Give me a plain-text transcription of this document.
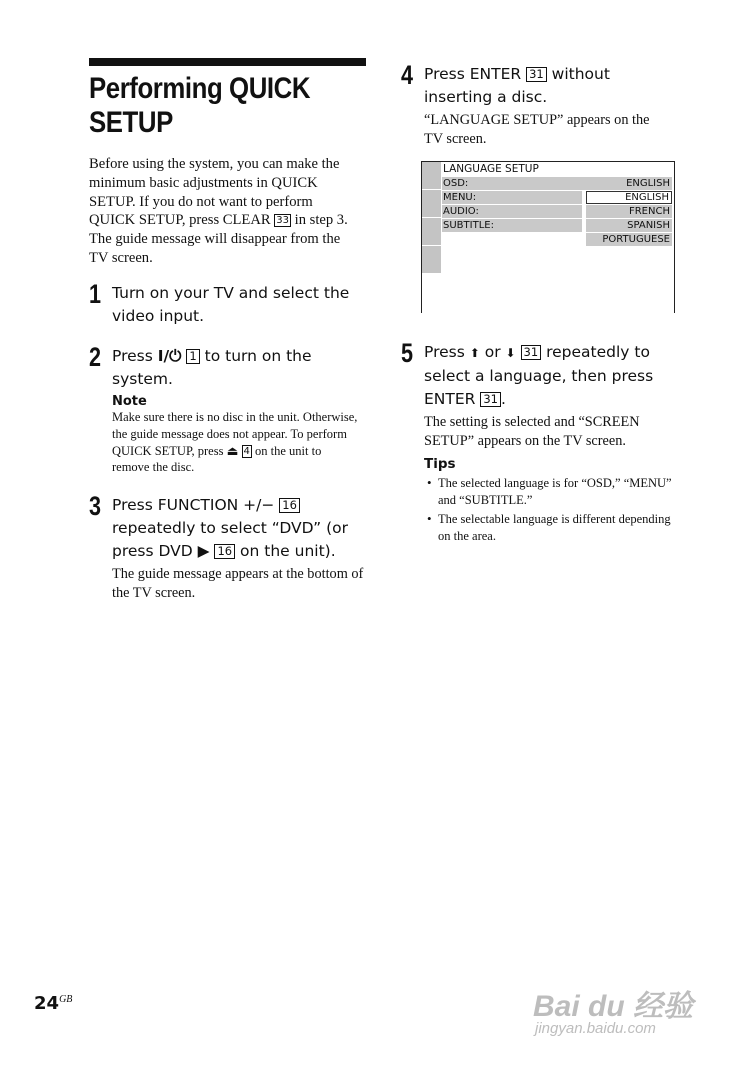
Performing QUICK SETUP
Before using the system, you can make the minimum basic adjustments in QUICK SETUP. If you do not want to perform QUICK SETUP, press CLEAR 33 in step 3. The guide message will disappear from the TV screen.
1 Turn on your TV and select the video input.
2 Press I/⏻ 1 to turn on the system.
Note
Make sure there is no disc in the unit. Otherwise, the guide message does not appear. To perform QUICK SETUP, press ⏏ 4 on the unit to remove the disc.
3 Press FUNCTION +/− 16 repeatedly to select “DVD” (or press DVD ▶ 16 on the unit).
The guide message appears at the bottom of the TV screen.
4 Press ENTER 31 without inserting a disc.
“LANGUAGE SETUP” appears on the TV screen.
LANGUAGE SETUP
OSD:
MENU:
AUDIO:
SUBTITLE:
ENGLISH
ENGLISH
FRENCH
SPANISH
PORTUGUESE
5 Press ⬆ or ⬇ 31 repeatedly to select a language, then press ENTER 31 .
The setting is selected and “SCREEN SETUP” appears on the TV screen.
Tips
• The selected language is for “OSD,” “MENU” and “SUBTITLE.”
• The selectable language is different depending on the area.
$24^{GB}$	Bai du 经验
jingyan.baidu.com
